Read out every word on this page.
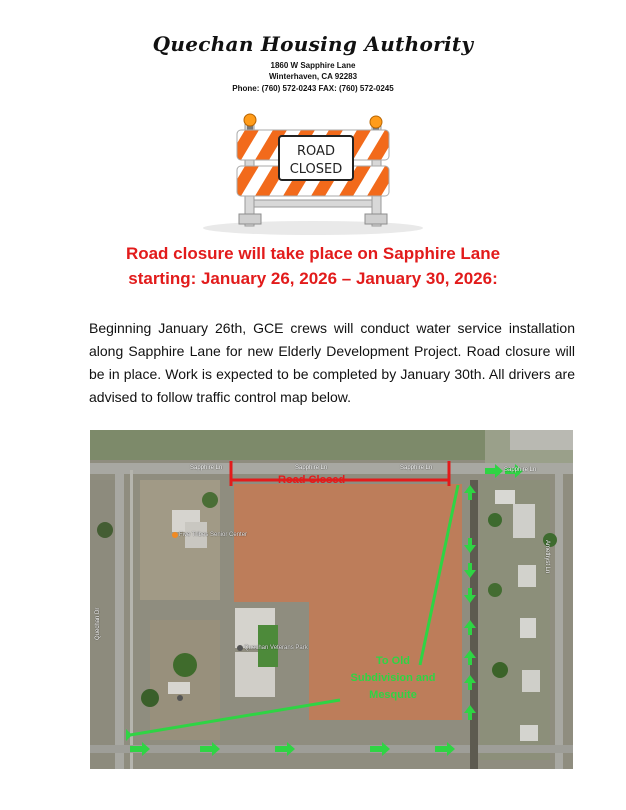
Quechan Housing Authority
1860 W Sapphire Lane
Winterhaven, CA 92283
Phone: (760) 572-0243 FAX: (760) 572-0245
ROAD
CLOSED
Road closure will take place on Sapphire Lane
starting: January 26, 2026 – January 30, 2026:
Beginning January 26th, GCE crews will conduct water service installation along Sapphire Lane for new Elderly Development Project. Road closure will be in place. Work is expected to be completed by January 30th. All drivers are advised to follow traffic control map below.
Sapphire Ln	Sapphire Ln	Sapphire Ln	Sapphire Ln
Quechan Dr
Amethyst Ln
Five Tribes Senior Center
Quechan Veterans Park
Road Closed
To Old
Subdivision and
Mesquite
